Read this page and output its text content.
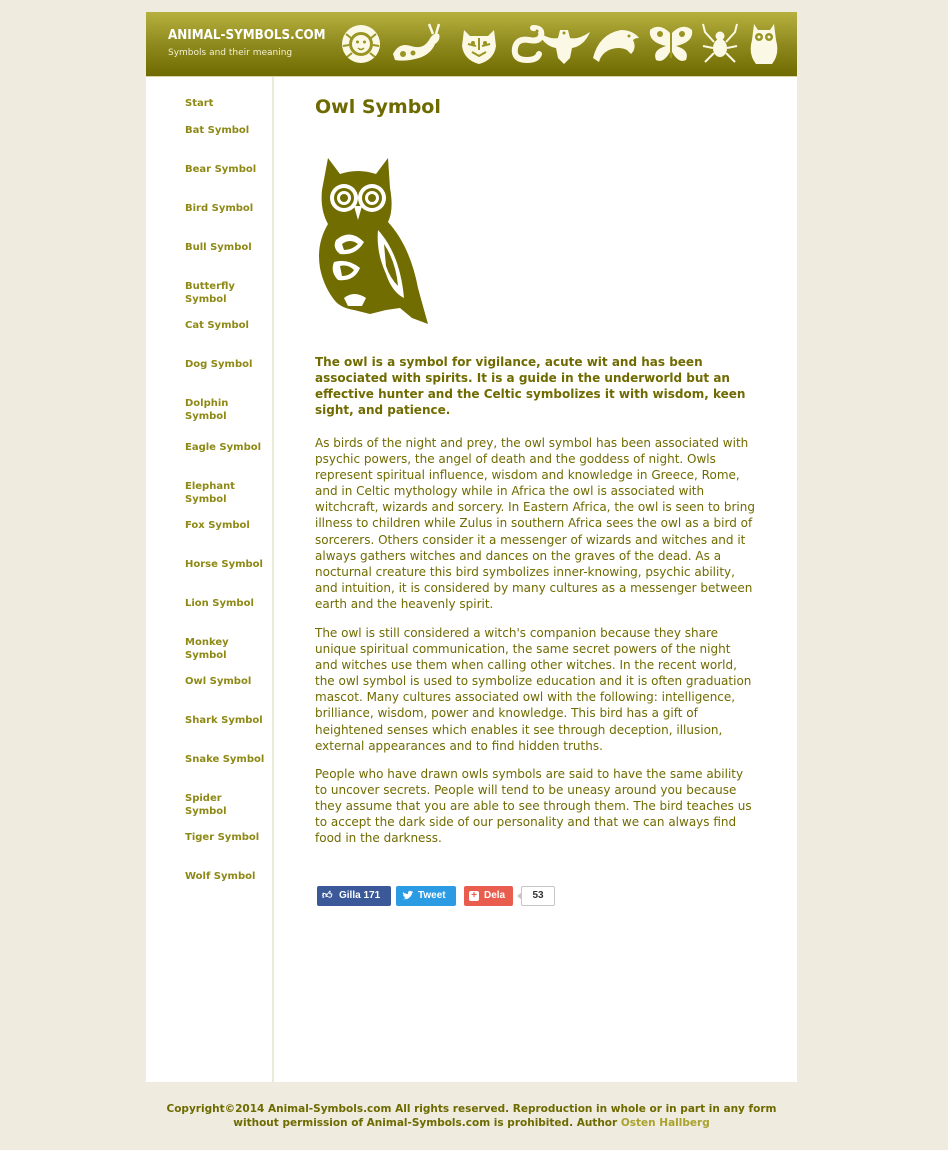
ANIMAL-SYMBOLS.COM
Symbols and their meaning
Start
Bat Symbol
Bear Symbol
Bird Symbol
Bull Symbol
Butterfly Symbol
Cat Symbol
Dog Symbol
Dolphin Symbol
Eagle Symbol
Elephant Symbol
Fox Symbol
Horse Symbol
Lion Symbol
Monkey Symbol
Owl Symbol
Shark Symbol
Snake Symbol
Spider Symbol
Tiger Symbol
Wolf Symbol
Owl Symbol

The owl is a symbol for vigilance, acute wit and has been associated with spirits. It is a guide in the underworld but an effective hunter and the Celtic symbolizes it with wisdom, keen sight, and patience.

As birds of the night and prey, the owl symbol has been associated with psychic powers, the angel of death and the goddess of night. Owls represent spiritual influence, wisdom and knowledge in Greece, Rome, and in Celtic mythology while in Africa the owl is associated with witchcraft, wizards and sorcery. In Eastern Africa, the owl is seen to bring illness to children while Zulus in southern Africa sees the owl as a bird of sorcerers. Others consider it a messenger of wizards and witches and it always gathers witches and dances on the graves of the dead. As a nocturnal creature this bird symbolizes inner-knowing, psychic ability, and intuition, it is considered by many cultures as a messenger between earth and the heavenly spirit.

The owl is still considered a witch's companion because they share unique spiritual communication, the same secret powers of the night and witches use them when calling other witches. In the recent world, the owl symbol is used to symbolize education and it is often graduation mascot. Many cultures associated owl with the following: intelligence, brilliance, wisdom, power and knowledge. This bird has a gift of heightened senses which enables it see through deception, illusion, external appearances and to find hidden truths.

People who have drawn owls symbols are said to have the same ability to uncover secrets. People will tend to be uneasy around you because they assume that you are able to see through them. The bird teaches us to accept the dark side of our personality and that we can always find food in the darkness.

👍︎ Gilla 171	Tweet	+ Dela	53
Copyright©2014 Animal-Symbols.com All rights reserved. Reproduction in whole or in part in any form without permission of Animal-Symbols.com is prohibited. Author Osten Hallberg
